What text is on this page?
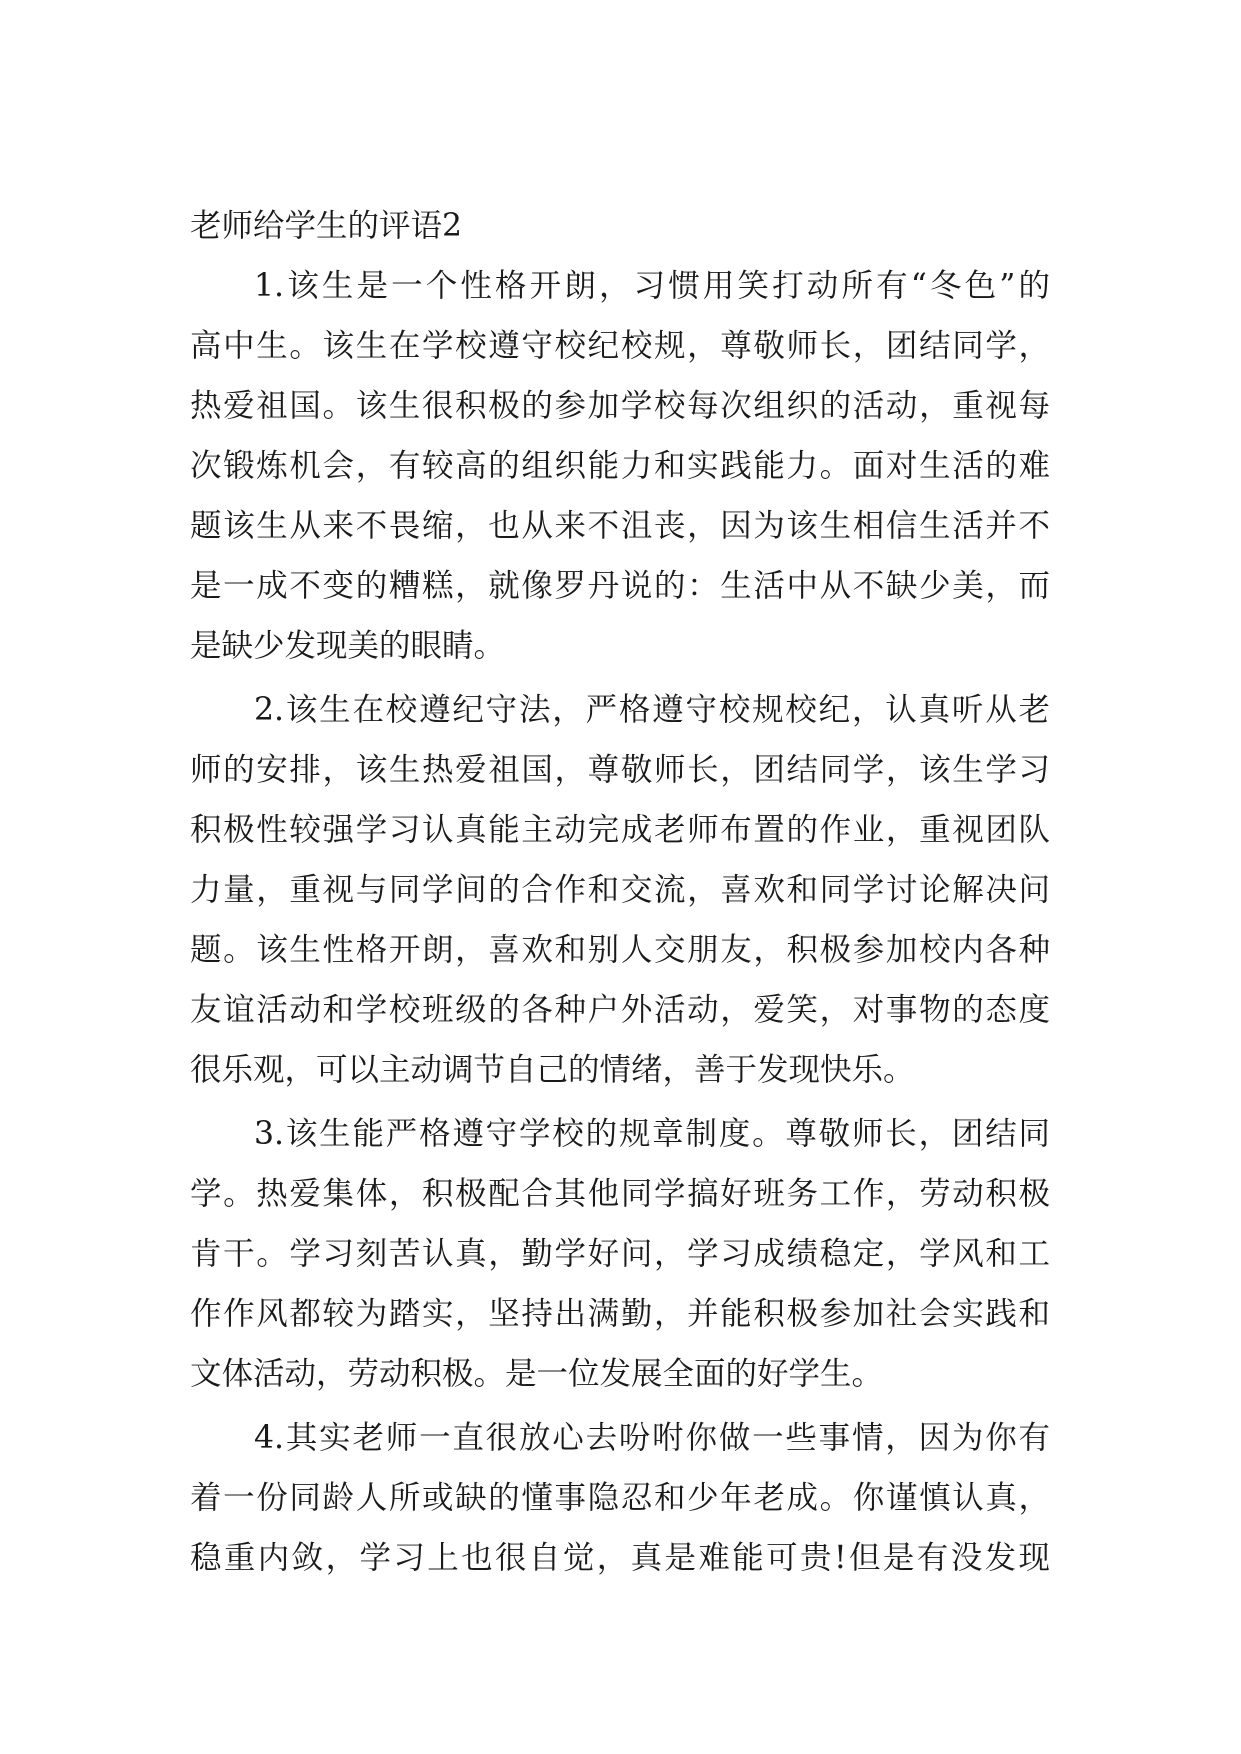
老师给学生的评语2
1.该生是一个性格开朗，习惯用笑打动所有“冬色”的
高中生。该生在学校遵守校纪校规，尊敬师长，团结同学，
热爱祖国。该生很积极的参加学校每次组织的活动，重视每
次锻炼机会，有较高的组织能力和实践能力。面对生活的难
题该生从来不畏缩，也从来不沮丧，因为该生相信生活并不
是一成不变的糟糕，就像罗丹说的：生活中从不缺少美，而
是缺少发现美的眼睛。
2.该生在校遵纪守法，严格遵守校规校纪，认真听从老
师的安排，该生热爱祖国，尊敬师长，团结同学，该生学习
积极性较强学习认真能主动完成老师布置的作业，重视团队
力量，重视与同学间的合作和交流，喜欢和同学讨论解决问
题。该生性格开朗，喜欢和别人交朋友，积极参加校内各种
友谊活动和学校班级的各种户外活动，爱笑，对事物的态度
很乐观，可以主动调节自己的情绪，善于发现快乐。
3.该生能严格遵守学校的规章制度。尊敬师长，团结同
学。热爱集体，积极配合其他同学搞好班务工作，劳动积极
肯干。学习刻苦认真，勤学好问，学习成绩稳定，学风和工
作作风都较为踏实，坚持出满勤，并能积极参加社会实践和
文体活动，劳动积极。是一位发展全面的好学生。
4.其实老师一直很放心去吩咐你做一些事情，因为你有
着一份同龄人所或缺的懂事隐忍和少年老成。你谨慎认真，
稳重内敛，学习上也很自觉，真是难能可贵!但是有没发现
